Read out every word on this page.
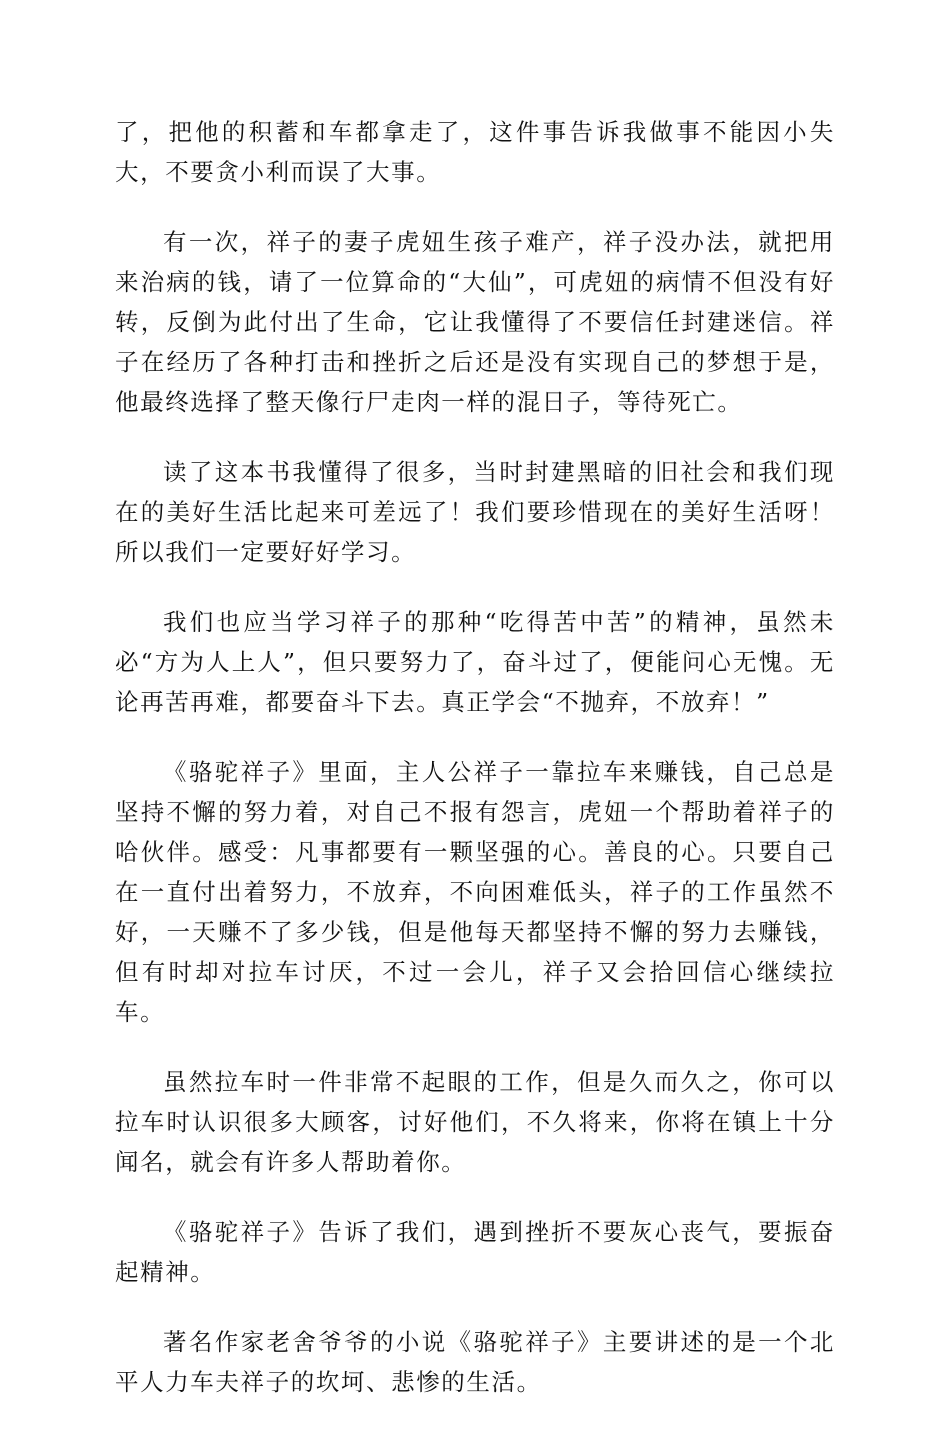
了，把他的积蓄和车都拿走了，这件事告诉我做事不能因小失大，不要贪小利而误了大事。

有一次，祥子的妻子虎妞生孩子难产，祥子没办法，就把用来治病的钱，请了一位算命的“大仙”，可虎妞的病情不但没有好转，反倒为此付出了生命，它让我懂得了不要信任封建迷信。祥子在经历了各种打击和挫折之后还是没有实现自己的梦想于是，他最终选择了整天像行尸走肉一样的混日子，等待死亡。

读了这本书我懂得了很多，当时封建黑暗的旧社会和我们现在的美好生活比起来可差远了！我们要珍惜现在的美好生活呀！所以我们一定要好好学习。

我们也应当学习祥子的那种“吃得苦中苦”的精神，虽然未必“方为人上人”，但只要努力了，奋斗过了，便能问心无愧。无论再苦再难，都要奋斗下去。真正学会“不抛弃，不放弃！”

《骆驼祥子》里面，主人公祥子一靠拉车来赚钱，自己总是坚持不懈的努力着，对自己不报有怨言，虎妞一个帮助着祥子的哈伙伴。感受：凡事都要有一颗坚强的心。善良的心。只要自己在一直付出着努力，不放弃，不向困难低头，祥子的工作虽然不好，一天赚不了多少钱，但是他每天都坚持不懈的努力去赚钱，但有时却对拉车讨厌，不过一会儿，祥子又会拾回信心继续拉车。

虽然拉车时一件非常不起眼的工作，但是久而久之，你可以拉车时认识很多大顾客，讨好他们，不久将来，你将在镇上十分闻名，就会有许多人帮助着你。

《骆驼祥子》告诉了我们，遇到挫折不要灰心丧气，要振奋起精神。

著名作家老舍爷爷的小说《骆驼祥子》主要讲述的是一个北平人力车夫祥子的坎坷、悲惨的生活。
